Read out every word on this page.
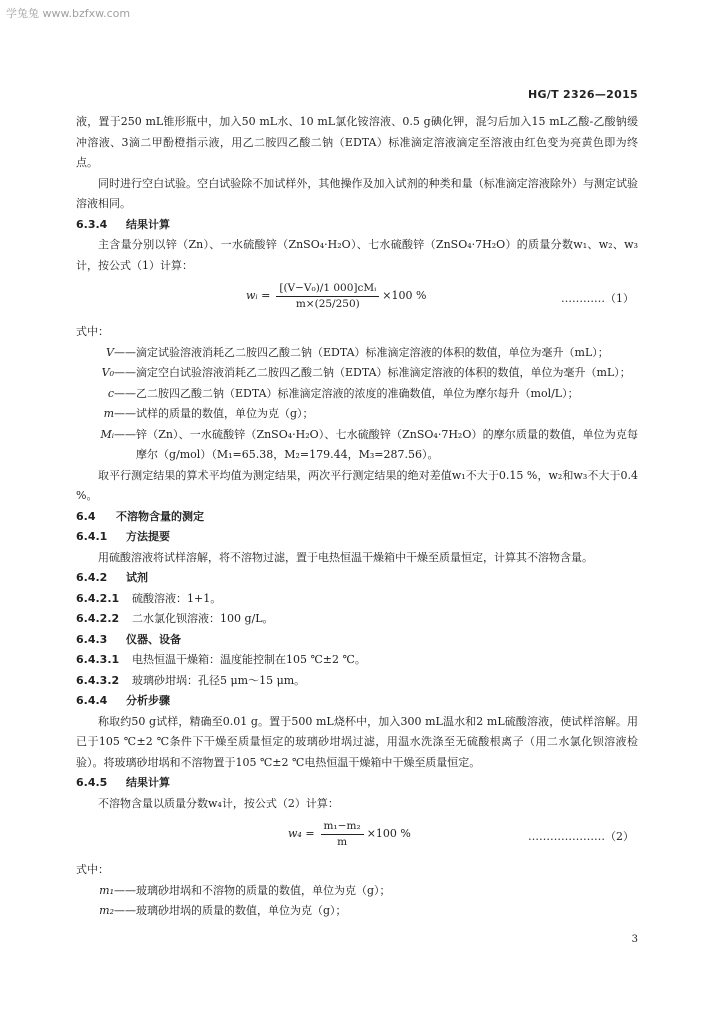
学兔兔 www.bzfxw.com
HG/T 2326—2015

液，置于250 mL锥形瓶中，加入50 mL水、10 mL氯化铵溶液、0.5 g碘化钾，混匀后加入15 mL乙酸-乙酸钠缓冲溶液、3滴二甲酚橙指示液，用乙二胺四乙酸二钠（EDTA）标准滴定溶液滴定至溶液由红色变为亮黄色即为终点。

同时进行空白试验。空白试验除不加试样外，其他操作及加入试剂的种类和量（标准滴定溶液除外）与测定试验溶液相同。

6.3.4 结果计算

主含量分别以锌（Zn）、一水硫酸锌（ZnSO₄·H₂O）、七水硫酸锌（ZnSO₄·7H₂O）的质量分数w₁、w₂、w₃计，按公式（1）计算：

wᵢ = $\frac{\text{[(V−V₀)/1 000]cMᵢ}}{m\times(25/250)} \times 100$ %	…………（1）

式中：

V —— 滴定试验溶液消耗乙二胺四乙酸二钠（EDTA）标准滴定溶液的体积的数值，单位为毫升（mL）；
V₀ —— 滴定空白试验溶液消耗乙二胺四乙酸二钠（EDTA）标准滴定溶液的体积的数值，单位为毫升（mL）；
c —— 乙二胺四乙酸二钠（EDTA）标准滴定溶液的浓度的准确数值，单位为摩尔每升（mol/L）；
m —— 试样的质量的数值，单位为克（g）；
Mᵢ —— 锌（Zn）、一水硫酸锌（ZnSO₄·H₂O）、七水硫酸锌（ZnSO₄·7H₂O）的摩尔质量的数值，单位为克每摩尔（g/mol）（M₁=65.38，M₂=179.44，M₃=287.56）。

取平行测定结果的算术平均值为测定结果，两次平行测定结果的绝对差值w₁不大于0.15 %，w₂和w₃不大于0.4 %。

6.4 不溶物含量的测定
6.4.1 方法提要

用硫酸溶液将试样溶解，将不溶物过滤，置于电热恒温干燥箱中干燥至质量恒定，计算其不溶物含量。

6.4.2 试剂
6.4.2.1 硫酸溶液：1+1。
6.4.2.2 二水氯化钡溶液：100 g/L。
6.4.3 仪器、设备
6.4.3.1 电热恒温干燥箱：温度能控制在105 ℃±2 ℃。
6.4.3.2 玻璃砂坩埚：孔径5 μm～15 μm。
6.4.4 分析步骤

称取约50 g试样，精确至0.01 g。置于500 mL烧杯中，加入300 mL温水和2 mL硫酸溶液，使试样溶解。用已于105 ℃±2 ℃条件下干燥至质量恒定的玻璃砂坩埚过滤，用温水洗涤至无硫酸根离子（用二水氯化钡溶液检验）。将玻璃砂坩埚和不溶物置于105 ℃±2 ℃电热恒温干燥箱中干燥至质量恒定。

6.4.5 结果计算

不溶物含量以质量分数w₄计，按公式（2）计算：

$w_4 = \frac{\text{m₁−m₂}}{m} \times 100$ %	…………………（2）

式中：

m₁ —— 玻璃砂坩埚和不溶物的质量的数值，单位为克（g）；
m₂ —— 玻璃砂坩埚的质量的数值，单位为克（g）；
3
